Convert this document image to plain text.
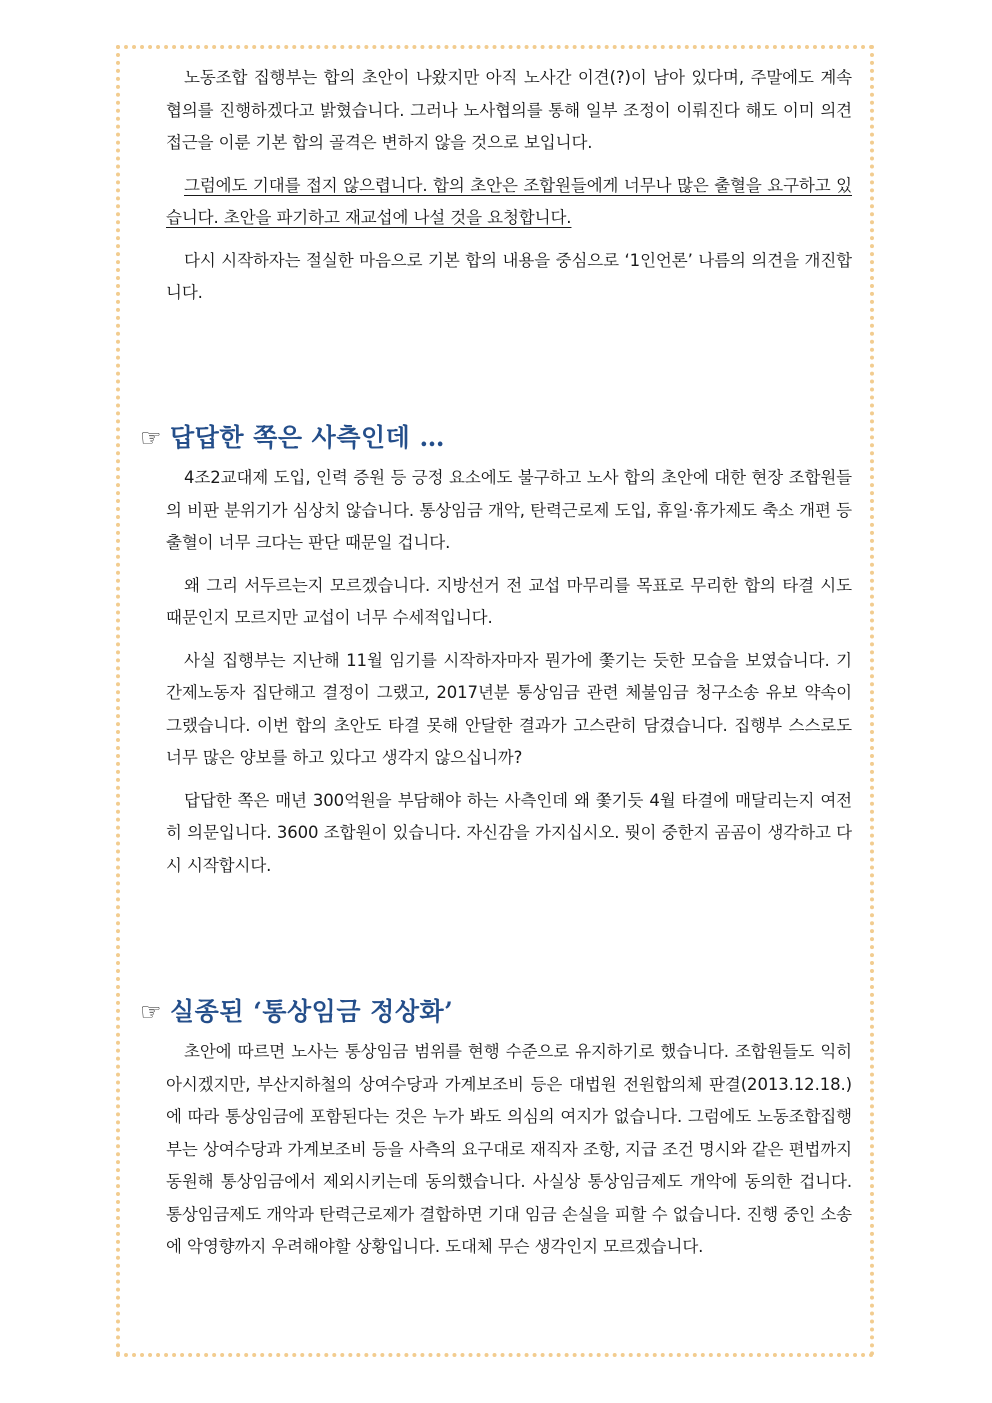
노동조합 집행부는 합의 초안이 나왔지만 아직 노사간 이견(?)이 남아 있다며, 주말에도 계속 협의를 진행하겠다고 밝혔습니다. 그러나 노사협의를 통해 일부 조정이 이뤄진다 해도 이미 의견 접근을 이룬 기본 합의 골격은 변하지 않을 것으로 보입니다.

그럼에도 기대를 접지 않으렵니다. 합의 초안은 조합원들에게 너무나 많은 출혈을 요구하고 있습니다. 초안을 파기하고 재교섭에 나설 것을 요청합니다.

다시 시작하자는 절실한 마음으로 기본 합의 내용을 중심으로 ‘1인언론’ 나름의 의견을 개진합니다.

☞ 답답한 쪽은 사측인데 …

4조2교대제 도입, 인력 증원 등 긍정 요소에도 불구하고 노사 합의 초안에 대한 현장 조합원들의 비판 분위기가 심상치 않습니다. 통상임금 개악, 탄력근로제 도입, 휴일·휴가제도 축소 개편 등 출혈이 너무 크다는 판단 때문일 겁니다.

왜 그리 서두르는지 모르겠습니다. 지방선거 전 교섭 마무리를 목표로 무리한 합의 타결 시도 때문인지 모르지만 교섭이 너무 수세적입니다.

사실 집행부는 지난해 11월 임기를 시작하자마자 뭔가에 쫓기는 듯한 모습을 보였습니다. 기간제노동자 집단해고 결정이 그랬고, 2017년분 통상임금 관련 체불임금 청구소송 유보 약속이 그랬습니다. 이번 합의 초안도 타결 못해 안달한 결과가 고스란히 담겼습니다. 집행부 스스로도 너무 많은 양보를 하고 있다고 생각지 않으십니까?

답답한 쪽은 매년 300억원을 부담해야 하는 사측인데 왜 쫓기듯 4월 타결에 매달리는지 여전히 의문입니다. 3600 조합원이 있습니다. 자신감을 가지십시오. 뭣이 중한지 곰곰이 생각하고 다시 시작합시다.

☞ 실종된 ‘통상임금 정상화’

초안에 따르면 노사는 통상임금 범위를 현행 수준으로 유지하기로 했습니다. 조합원들도 익히 아시겠지만, 부산지하철의 상여수당과 가계보조비 등은 대법원 전원합의체 판결(2013.12.18.)에 따라 통상임금에 포함된다는 것은 누가 봐도 의심의 여지가 없습니다. 그럼에도 노동조합집행부는 상여수당과 가계보조비 등을 사측의 요구대로 재직자 조항, 지급 조건 명시와 같은 편법까지 동원해 통상임금에서 제외시키는데 동의했습니다. 사실상 통상임금제도 개악에 동의한 겁니다. 통상임금제도 개악과 탄력근로제가 결합하면 기대 임금 손실을 피할 수 없습니다. 진행 중인 소송에 악영향까지 우려해야할 상황입니다. 도대체 무슨 생각인지 모르겠습니다.
